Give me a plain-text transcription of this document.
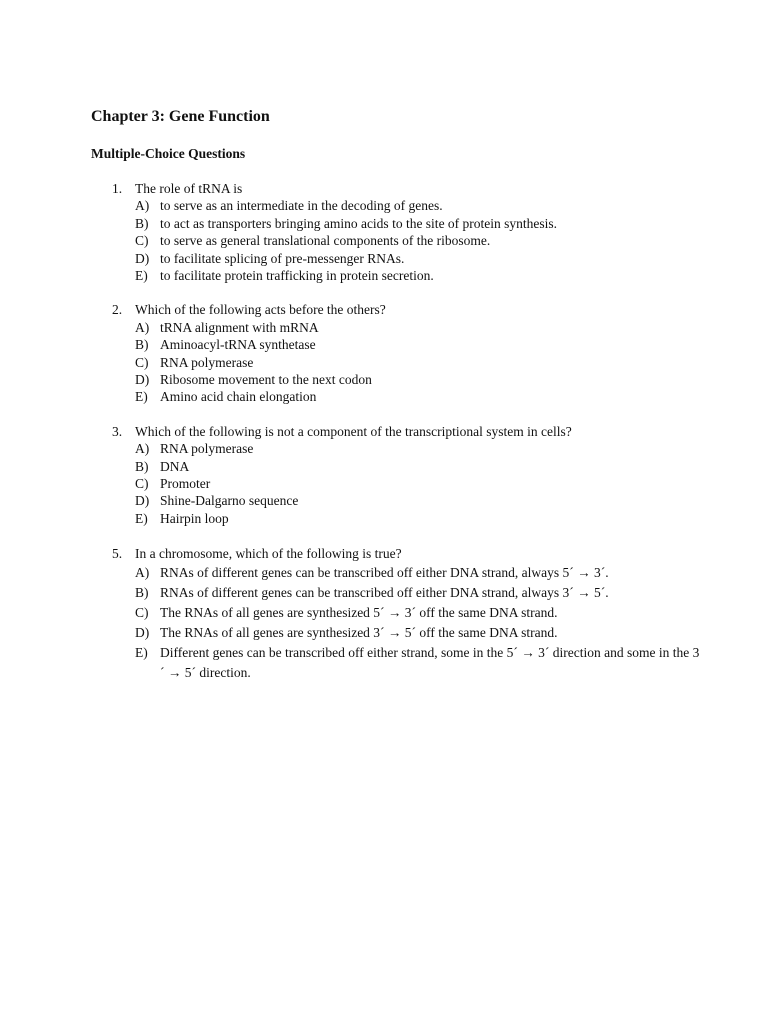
Chapter 3: Gene Function
Multiple-Choice Questions
1. The role of tRNA is
A) to serve as an intermediate in the decoding of genes.
B) to act as transporters bringing amino acids to the site of protein synthesis.
C) to serve as general translational components of the ribosome.
D) to facilitate splicing of pre-messenger RNAs.
E) to facilitate protein trafficking in protein secretion.
2. Which of the following acts before the others?
A) tRNA alignment with mRNA
B) Aminoacyl-tRNA synthetase
C) RNA polymerase
D) Ribosome movement to the next codon
E) Amino acid chain elongation
3. Which of the following is not a component of the transcriptional system in cells?
A) RNA polymerase
B) DNA
C) Promoter
D) Shine-Dalgarno sequence
E) Hairpin loop
5. In a chromosome, which of the following is true?
A) RNAs of different genes can be transcribed off either DNA strand, always 5´ → 3´.
B) RNAs of different genes can be transcribed off either DNA strand, always 3´ → 5´.
C) The RNAs of all genes are synthesized 5´ → 3´ off the same DNA strand.
D) The RNAs of all genes are synthesized 3´ → 5´ off the same DNA strand.
E) Different genes can be transcribed off either strand, some in the 5´ → 3´ direction and some in the 3´ → 5´ direction.
